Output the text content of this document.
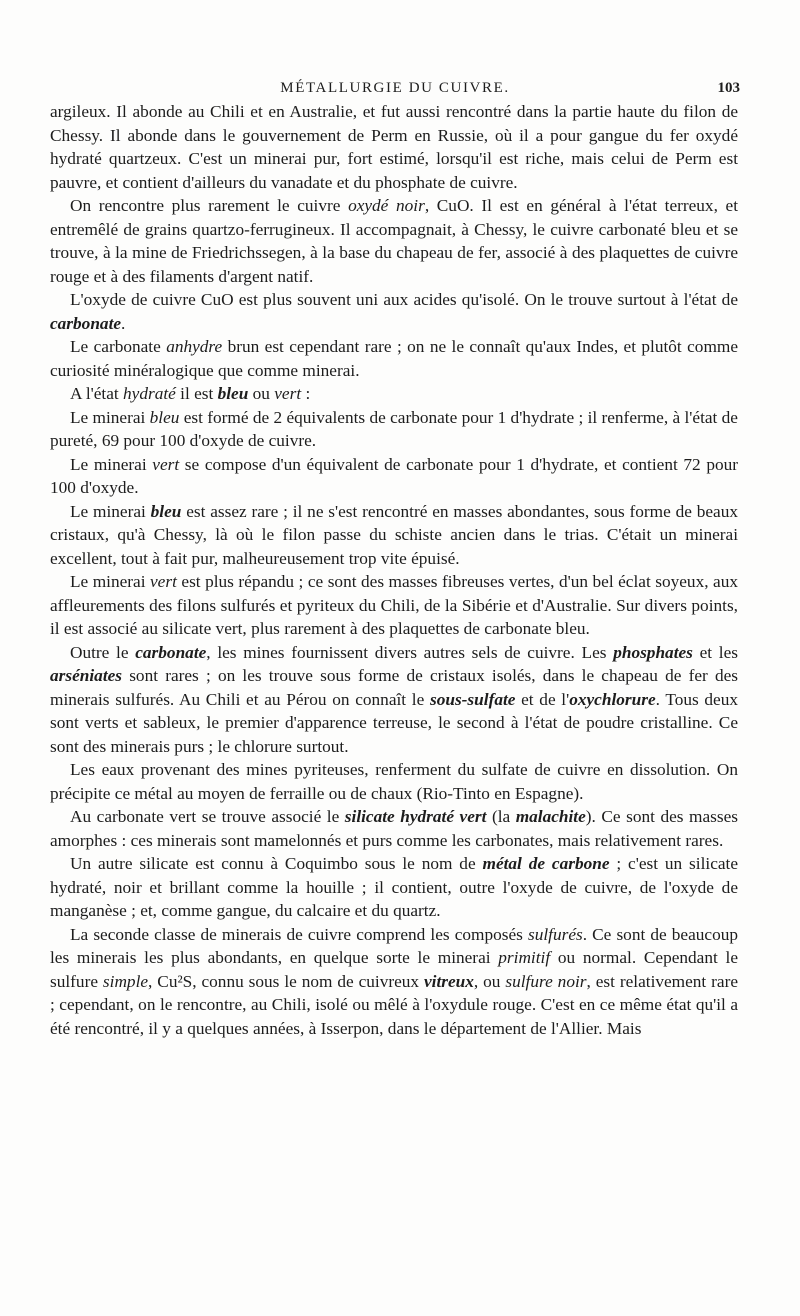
MÉTALLURGIE DU CUIVRE.	103

argileux. Il abonde au Chili et en Australie, et fut aussi rencontré dans la partie haute du filon de Chessy. Il abonde dans le gouvernement de Perm en Russie, où il a pour gangue du fer oxydé hydraté quartzeux. C'est un minerai pur, fort estimé, lorsqu'il est riche, mais celui de Perm est pauvre, et contient d'ailleurs du vanadate et du phosphate de cuivre.

On rencontre plus rarement le cuivre oxydé noir, CuO. Il est en général à l'état terreux, et entremêlé de grains quartzo-ferrugineux. Il accompagnait, à Chessy, le cuivre carbonaté bleu et se trouve, à la mine de Friedrichssegen, à la base du chapeau de fer, associé à des plaquettes de cuivre rouge et à des filaments d'argent natif.

L'oxyde de cuivre CuO est plus souvent uni aux acides qu'isolé. On le trouve surtout à l'état de carbonate.

Le carbonate anhydre brun est cependant rare ; on ne le connaît qu'aux Indes, et plutôt comme curiosité minéralogique que comme minerai.

A l'état hydraté il est bleu ou vert :

Le minerai bleu est formé de 2 équivalents de carbonate pour 1 d'hydrate ; il renferme, à l'état de pureté, 69 pour 100 d'oxyde de cuivre.

Le minerai vert se compose d'un équivalent de carbonate pour 1 d'hydrate, et contient 72 pour 100 d'oxyde.

Le minerai bleu est assez rare ; il ne s'est rencontré en masses abondantes, sous forme de beaux cristaux, qu'à Chessy, là où le filon passe du schiste ancien dans le trias. C'était un minerai excellent, tout à fait pur, malheureusement trop vite épuisé.

Le minerai vert est plus répandu ; ce sont des masses fibreuses vertes, d'un bel éclat soyeux, aux affleurements des filons sulfurés et pyriteux du Chili, de la Sibérie et d'Australie. Sur divers points, il est associé au silicate vert, plus rarement à des plaquettes de carbonate bleu.

Outre le carbonate, les mines fournissent divers autres sels de cuivre. Les phosphates et les arséniates sont rares ; on les trouve sous forme de cristaux isolés, dans le chapeau de fer des minerais sulfurés. Au Chili et au Pérou on connaît le sous-sulfate et de l'oxychlorure. Tous deux sont verts et sableux, le premier d'apparence terreuse, le second à l'état de poudre cristalline. Ce sont des minerais purs ; le chlorure surtout.

Les eaux provenant des mines pyriteuses, renferment du sulfate de cuivre en dissolution. On précipite ce métal au moyen de ferraille ou de chaux (Rio-Tinto en Espagne).

Au carbonate vert se trouve associé le silicate hydraté vert (la malachite). Ce sont des masses amorphes : ces minerais sont mamelonnés et purs comme les carbonates, mais relativement rares.

Un autre silicate est connu à Coquimbo sous le nom de métal de carbone ; c'est un silicate hydraté, noir et brillant comme la houille ; il contient, outre l'oxyde de cuivre, de l'oxyde de manganèse ; et, comme gangue, du calcaire et du quartz.

La seconde classe de minerais de cuivre comprend les composés sulfurés. Ce sont de beaucoup les minerais les plus abondants, en quelque sorte le minerai primitif ou normal. Cependant le sulfure simple, Cu²S, connu sous le nom de cuivreux vitreux, ou sulfure noir, est relativement rare ; cependant, on le rencontre, au Chili, isolé ou mêlé à l'oxydule rouge. C'est en ce même état qu'il a été rencontré, il y a quelques années, à Isserpon, dans le département de l'Allier. Mais
